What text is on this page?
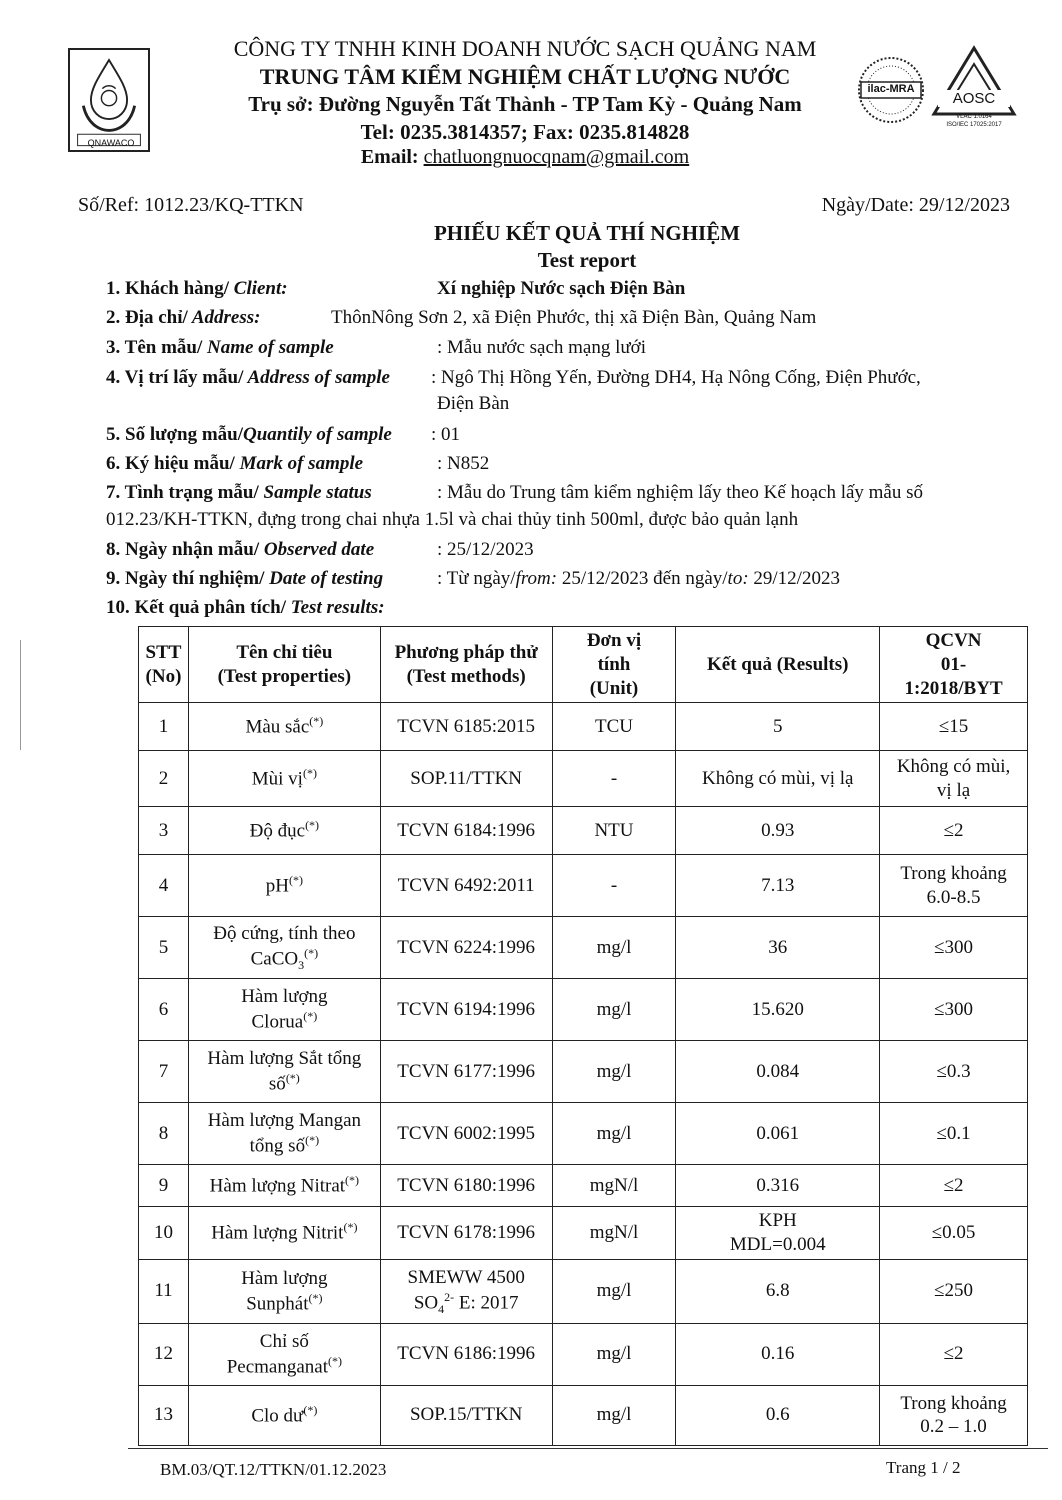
QNAWACO
CÔNG TY TNHH KINH DOANH NƯỚC SẠCH QUẢNG NAM
TRUNG TÂM KIỂM NGHIỆM CHẤT LƯỢNG NƯỚC
Trụ sở: Đường Nguyễn Tất Thành - TP Tam Kỳ - Quảng Nam
Tel: 0235.3814357; Fax: 0235.814828
Email: chatluongnuocqnam@gmail.com
ilac-MRA
AOSC
VLAC 1.0164
ISO/IEC 17025:2017
Số/Ref: 1012.23/KQ-TTKN	Ngày/Date: 29/12/2023
PHIẾU KẾT QUẢ THÍ NGHIỆM
Test report
1. Khách hàng/ Client:	Xí nghiệp Nước sạch Điện Bàn
2. Địa chỉ/ Address:	ThônNông Sơn 2, xã Điện Phước, thị xã Điện Bàn, Quảng Nam
3. Tên mẫu/ Name of sample	: Mẫu nước sạch mạng lưới
4. Vị trí lấy mẫu/ Address of sample : Ngô Thị Hồng Yến, Đường DH4, Hạ Nông Cống, Điện Phước,
Điện Bàn
5. Số lượng mẫu/Quantily of sample : 01
6. Ký hiệu mẫu/ Mark of sample	: N852
7. Tình trạng mẫu/ Sample status	: Mẫu do Trung tâm kiểm nghiệm lấy theo Kế hoạch lấy mẫu số
012.23/KH-TTKN, đựng trong chai nhựa 1.5l và chai thủy tinh 500ml, được bảo quản lạnh
8. Ngày nhận mẫu/ Observed date	: 25/12/2023
9. Ngày thí nghiệm/ Date of testing	: Từ ngày/from: 25/12/2023 đến ngày/to: 29/12/2023
10. Kết quả phân tích/ Test results:
STT
(No)	Tên chỉ tiêu
(Test properties)	Phương pháp thử
(Test methods)	Đơn vị
tính
(Unit)	Kết quả (Results)	QCVN
01-
1:2018/BYT
1	Màu sắc(*)	TCVN 6185:2015	TCU	5	≤15
2	Mùi vị(*)	SOP.11/TTKN	-	Không có mùi, vị lạ	Không có mùi,
vị lạ
3	Độ đục(*)	TCVN 6184:1996	NTU	0.93	≤2
4	pH(*)	TCVN 6492:2011	-	7.13	Trong khoảng
6.0-8.5
5	Độ cứng, tính theo
CaCO$_3$(*)	TCVN 6224:1996	mg/l	36	≤300
6	Hàm lượng
Clorua(*)	TCVN 6194:1996	mg/l	15.620	≤300
7	Hàm lượng Sắt tổng
số(*)	TCVN 6177:1996	mg/l	0.084	≤0.3
8	Hàm lượng Mangan
tổng số(*)	TCVN 6002:1995	mg/l	0.061	≤0.1
9	Hàm lượng Nitrat(*)	TCVN 6180:1996	mgN/l	0.316	≤2
10	Hàm lượng Nitrit(*)	TCVN 6178:1996	mgN/l	KPH
MDL=0.004	≤0.05
11	Hàm lượng
Sunphát(*)	SMEWW 4500
$SO_4^{2-}$ E: 2017	mg/l	6.8	≤250
12	Chỉ số
Pecmanganat(*)	TCVN 6186:1996	mg/l	0.16	≤2
13	Clo dư(*)	SOP.15/TTKN	mg/l	0.6	Trong khoảng
0.2 – 1.0
BM.03/QT.12/TTKN/01.12.2023	Trang 1 / 2
